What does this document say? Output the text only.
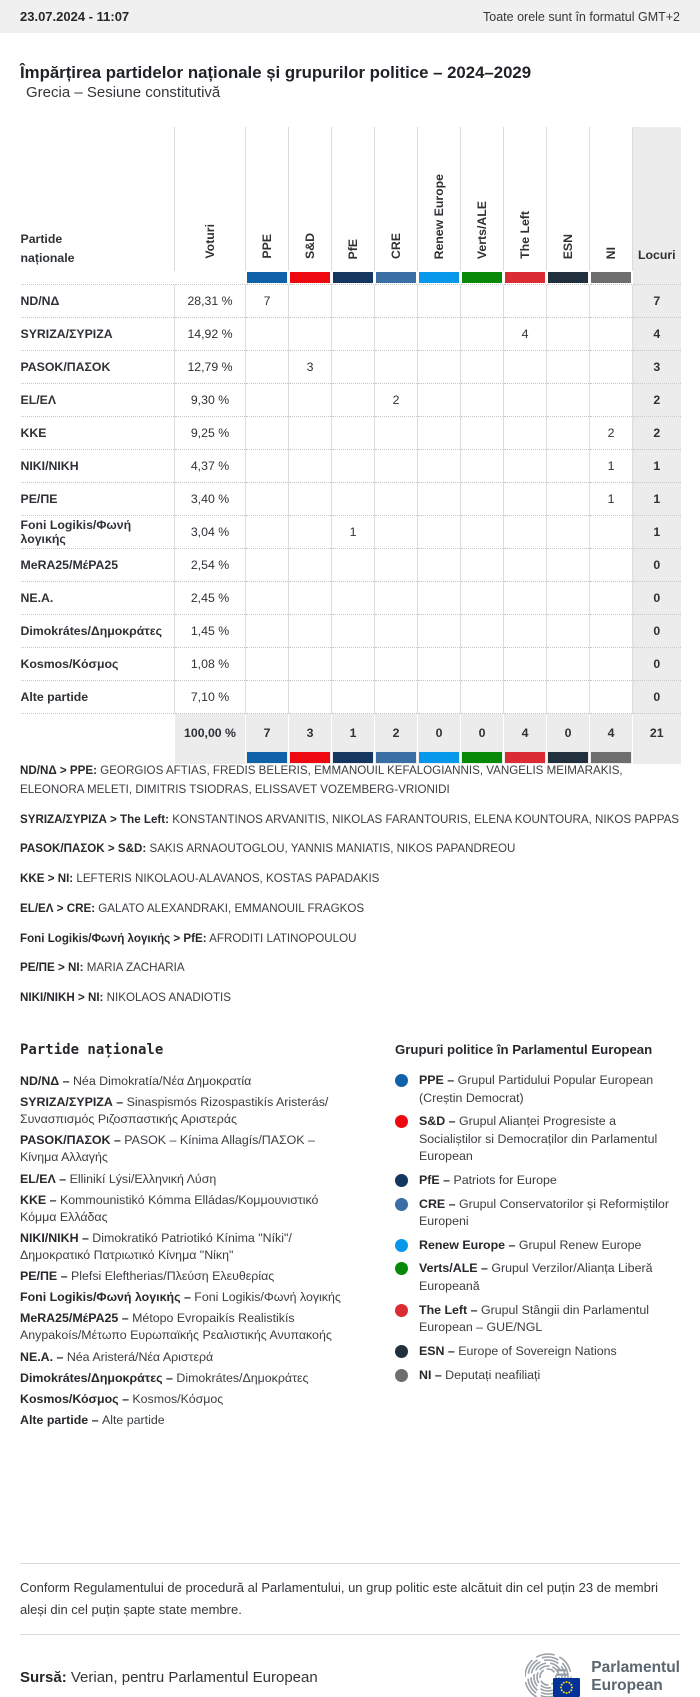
23.07.2024 - 11:07	Toate orele sunt în formatul GMT+2
Împărțirea partidelor naționale și grupurilor politice – 2024–2029
Grecia – Sesiune constitutivă
Partide naționale	Voturi	PPE	S&D	PfE	CRE	Renew Europe	Verts/ALE	The Left	ESN	NI	Locuri

ND/ΝΔ	28,31 %	7									7
SYRIZA/ΣΥΡΙΖΑ	14,92 %							4			4
PASOK/ΠΑΣΟΚ	12,79 %		3								3
EL/ΕΛ	9,30 %				2						2
KKE	9,25 %									2	2
NIKI/ΝΙΚΗ	4,37 %									1	1
PE/ΠΕ	3,40 %									1	1
Foni Logikis/Φωνή λογικής	3,04 %			1							1
MeRA25/ΜέΡΑ25	2,54 %										0
NE.A.	2,45 %										0
Dimokrátes/Δημοκράτες	1,45 %										0
Kosmos/Κόσμος	1,08 %										0
Alte partide	7,10 %										0
	100,00 %	7	3	1	2	0	0	4	0	4	21

ND/ΝΔ > PPE: GEORGIOS AFTIAS, FREDIS BELERIS, EMMANOUIL KEFALOGIANNIS, VANGELIS MEIMARAKIS, ELEONORA MELETI, DIMITRIS TSIODRAS, ELISSAVET VOZEMBERG-VRIONIDI

SYRIZA/ΣΥΡΙΖΑ > The Left: KONSTANTINOS ARVANITIS, NIKOLAS FARANTOURIS, ELENA KOUNTOURA, NIKOS PAPPAS

PASOK/ΠΑΣΟΚ > S&D: SAKIS ARNAOUTOGLOU, YANNIS MANIATIS, NIKOS PAPANDREOU

KKE > NI: LEFTERIS NIKOLAOU-ALAVANOS, KOSTAS PAPADAKIS

EL/ΕΛ > CRE: GALATO ALEXANDRAKI, EMMANOUIL FRAGKOS

Foni Logikis/Φωνή λογικής > PfE: AFRODITI LATINOPOULOU

PE/ΠΕ > NI: MARIA ZACHARIA

NIKI/ΝΙΚΗ > NI: NIKOLAOS ANADIOTIS

Partide naționale

ND/ΝΔ – Néa Dimokratía/Νέα Δημοκρατία

SYRIZA/ΣΥΡΙΖΑ – Sinaspismós Rizospastikís Aristerás/Συνασπισμός Ριζοσπαστικής Αριστεράς

PASOK/ΠΑΣΟΚ – PASOK – Kínima Allagís/ΠΑΣΟΚ – Κίνημα Αλλαγής

EL/ΕΛ – Ellinikí Lýsi/Ελληνική Λύση

KKE – Kommounistikó Kómma Elládas/Κομμουνιστικό Κόμμα Ελλάδας

NIKI/ΝΙΚΗ – Dimokratikó Patriotikó Kínima "Níki"/Δημοκρατικό Πατριωτικό Κίνημα "Νίκη"

PE/ΠΕ – Plefsi Eleftherias/Πλεύση Ελευθερίας

Foni Logikis/Φωνή λογικής – Foni Logikis/Φωνή λογικής

MeRA25/ΜέΡΑ25 – Métopo Evropaikís Realistikís Anypakoís/Μέτωπο Ευρωπαϊκής Ρεαλιστικής Ανυπακοής

NE.A. – Néa Aristerá/Νέα Αριστερά

Dimokrátes/Δημοκράτες – Dimokrátes/Δημοκράτες

Kosmos/Κόσμος – Kosmos/Κόσμος

Alte partide – Alte partide

Grupuri politice în Parlamentul European

PPE – Grupul Partidului Popular European (Creștin Democrat)

S&D – Grupul Alianței Progresiste a Socialiștilor si Democraților din Parlamentul European

PfE – Patriots for Europe

CRE – Grupul Conservatorilor și Reformiștilor Europeni

Renew Europe – Grupul Renew Europe

Verts/ALE – Grupul Verzilor/Alianța Liberă Europeană

The Left – Grupul Stângii din Parlamentul European – GUE/NGL

ESN – Europe of Sovereign Nations

NI – Deputați neafiliați

Conform Regulamentului de procedură al Parlamentului, un grup politic este alcătuit din cel puțin 23 de membri aleși din cel puțin șapte state membre.

Sursă: Verian, pentru Parlamentul European
Parlamentul
European
